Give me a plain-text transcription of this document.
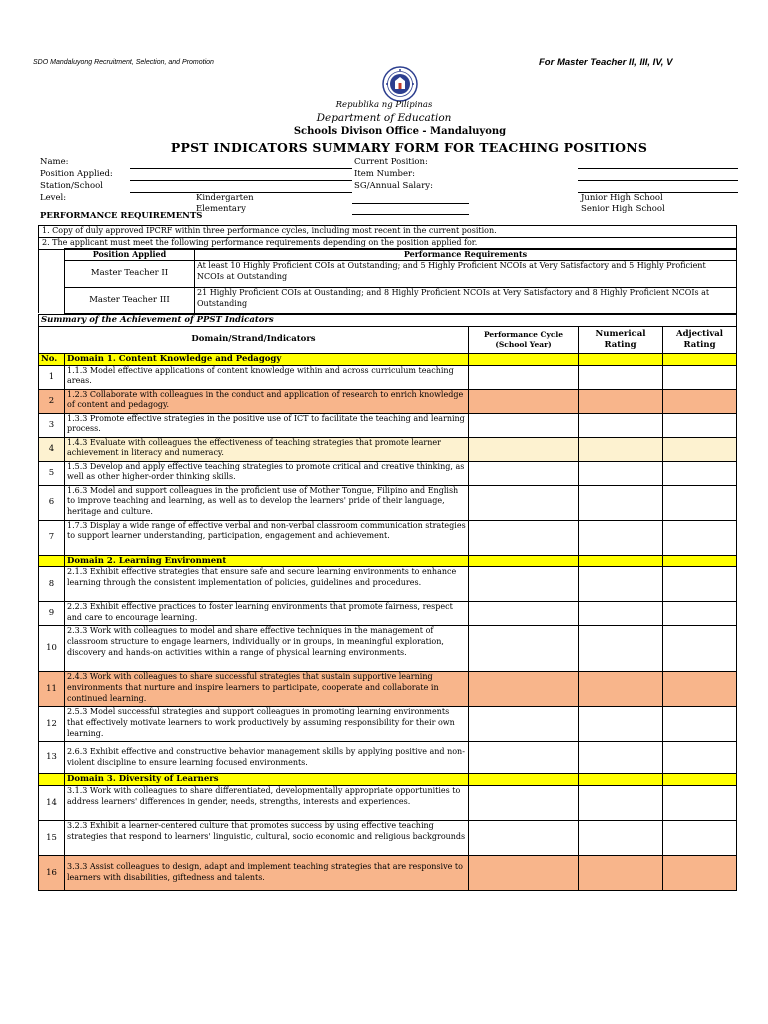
SDO Mandaluyong Recruitment, Selection, and Promotion	For Master Teacher II, III, IV, V
Republika ng Pilipinas
Department of Education
Schools Divison Office - Mandaluyong
PPST INDICATORS SUMMARY FORM FOR TEACHING POSITIONS
Name:
Position Applied:
Station/School
Level:
Current Position:
Item Number:
SG/Annual Salary:
Kindergarten
Elementary
Junior High School
Senior High School
PERFORMANCE REQUIREMENTS
1. Copy of duly approved IPCRF within three performance cycles, including most recent in the current position.
2. The applicant must meet the following performance requirements depending on the position applied for.
	Position Applied	Performance Requirements
	Master Teacher II	At least 10 Highly Proficient COIs at Outstanding; and 5 Highly Proficient NCOIs at Very Satisfactory and 5 Highly Proficient NCOIs at Outstanding
	Master Teacher III	21 Highly Proficient COIs at Oustanding; and 8 Highly Proficient NCOIs at Very Satisfactory and 8 Highly Proficient NCOIs at Outstanding
Summary of the Achievement of PPST Indicators				
Domain/Strand/Indicators		Performance Cycle (School Year)	Numerical Rating	Adjectival Rating
No.	Domain 1. Content Knowledge and Pedagogy			
1	1.1.3 Model effective applications of content knowledge within and across curriculum teaching areas.			
2	1.2.3 Collaborate with colleagues in the conduct and application of research to enrich knowledge of content and pedagogy.			
3	1.3.3 Promote effective strategies in the positive use of ICT to facilitate the teaching and learning process.			
4	1.4.3 Evaluate with colleagues the effectiveness of teaching strategies that promote learner achievement in literacy and numeracy.			
5	1.5.3 Develop and apply effective teaching strategies to promote critical and creative thinking, as well as other higher-order thinking skills.			
6	1.6.3 Model and support colleagues in the proficient use of Mother Tongue, Filipino and English to improve teaching and learning, as well as to develop the learners' pride of their language, heritage and culture.			
7	1.7.3 Display a wide range of effective verbal and non-verbal classroom communication strategies to support learner understanding, participation, engagement and achievement.			
	Domain 2. Learning Environment			
8	2.1.3 Exhibit effective strategies that ensure safe and secure learning environments to enhance learning through the consistent implementation of policies, guidelines and procedures.			
9	2.2.3 Exhibit effective practices to foster learning environments that promote fairness, respect and care to encourage learning.			
10	2.3.3 Work with colleagues to model and share effective techniques in the management of classroom structure to engage learners, individually or in groups, in meaningful exploration, discovery and hands-on activities within a range of physical learning environments.			
11	2.4.3 Work with colleagues to share successful strategies that sustain supportive learning environments that nurture and inspire learners to participate, cooperate and collaborate in continued learning.			
12	2.5.3 Model successful strategies and support colleagues in promoting learning environments that effectively motivate learners to work productively by assuming responsibility for their own learning.			
13	2.6.3 Exhibit effective and constructive behavior management skills by applying positive and non-violent discipline to ensure learning focused environments.			
	Domain 3. Diversity of Learners			
14	3.1.3 Work with colleagues to share differentiated, developmentally appropriate opportunities to address learners' differences in gender, needs, strengths, interests and experiences.			
15	3.2.3 Exhibit a learner-centered culture that promotes success by using effective teaching strategies that respond to learners' linguistic, cultural, socio economic and religious backgrounds			
16	3.3.3 Assist colleagues to design, adapt and implement teaching strategies that are responsive to learners with disabilities, giftedness and talents.			
